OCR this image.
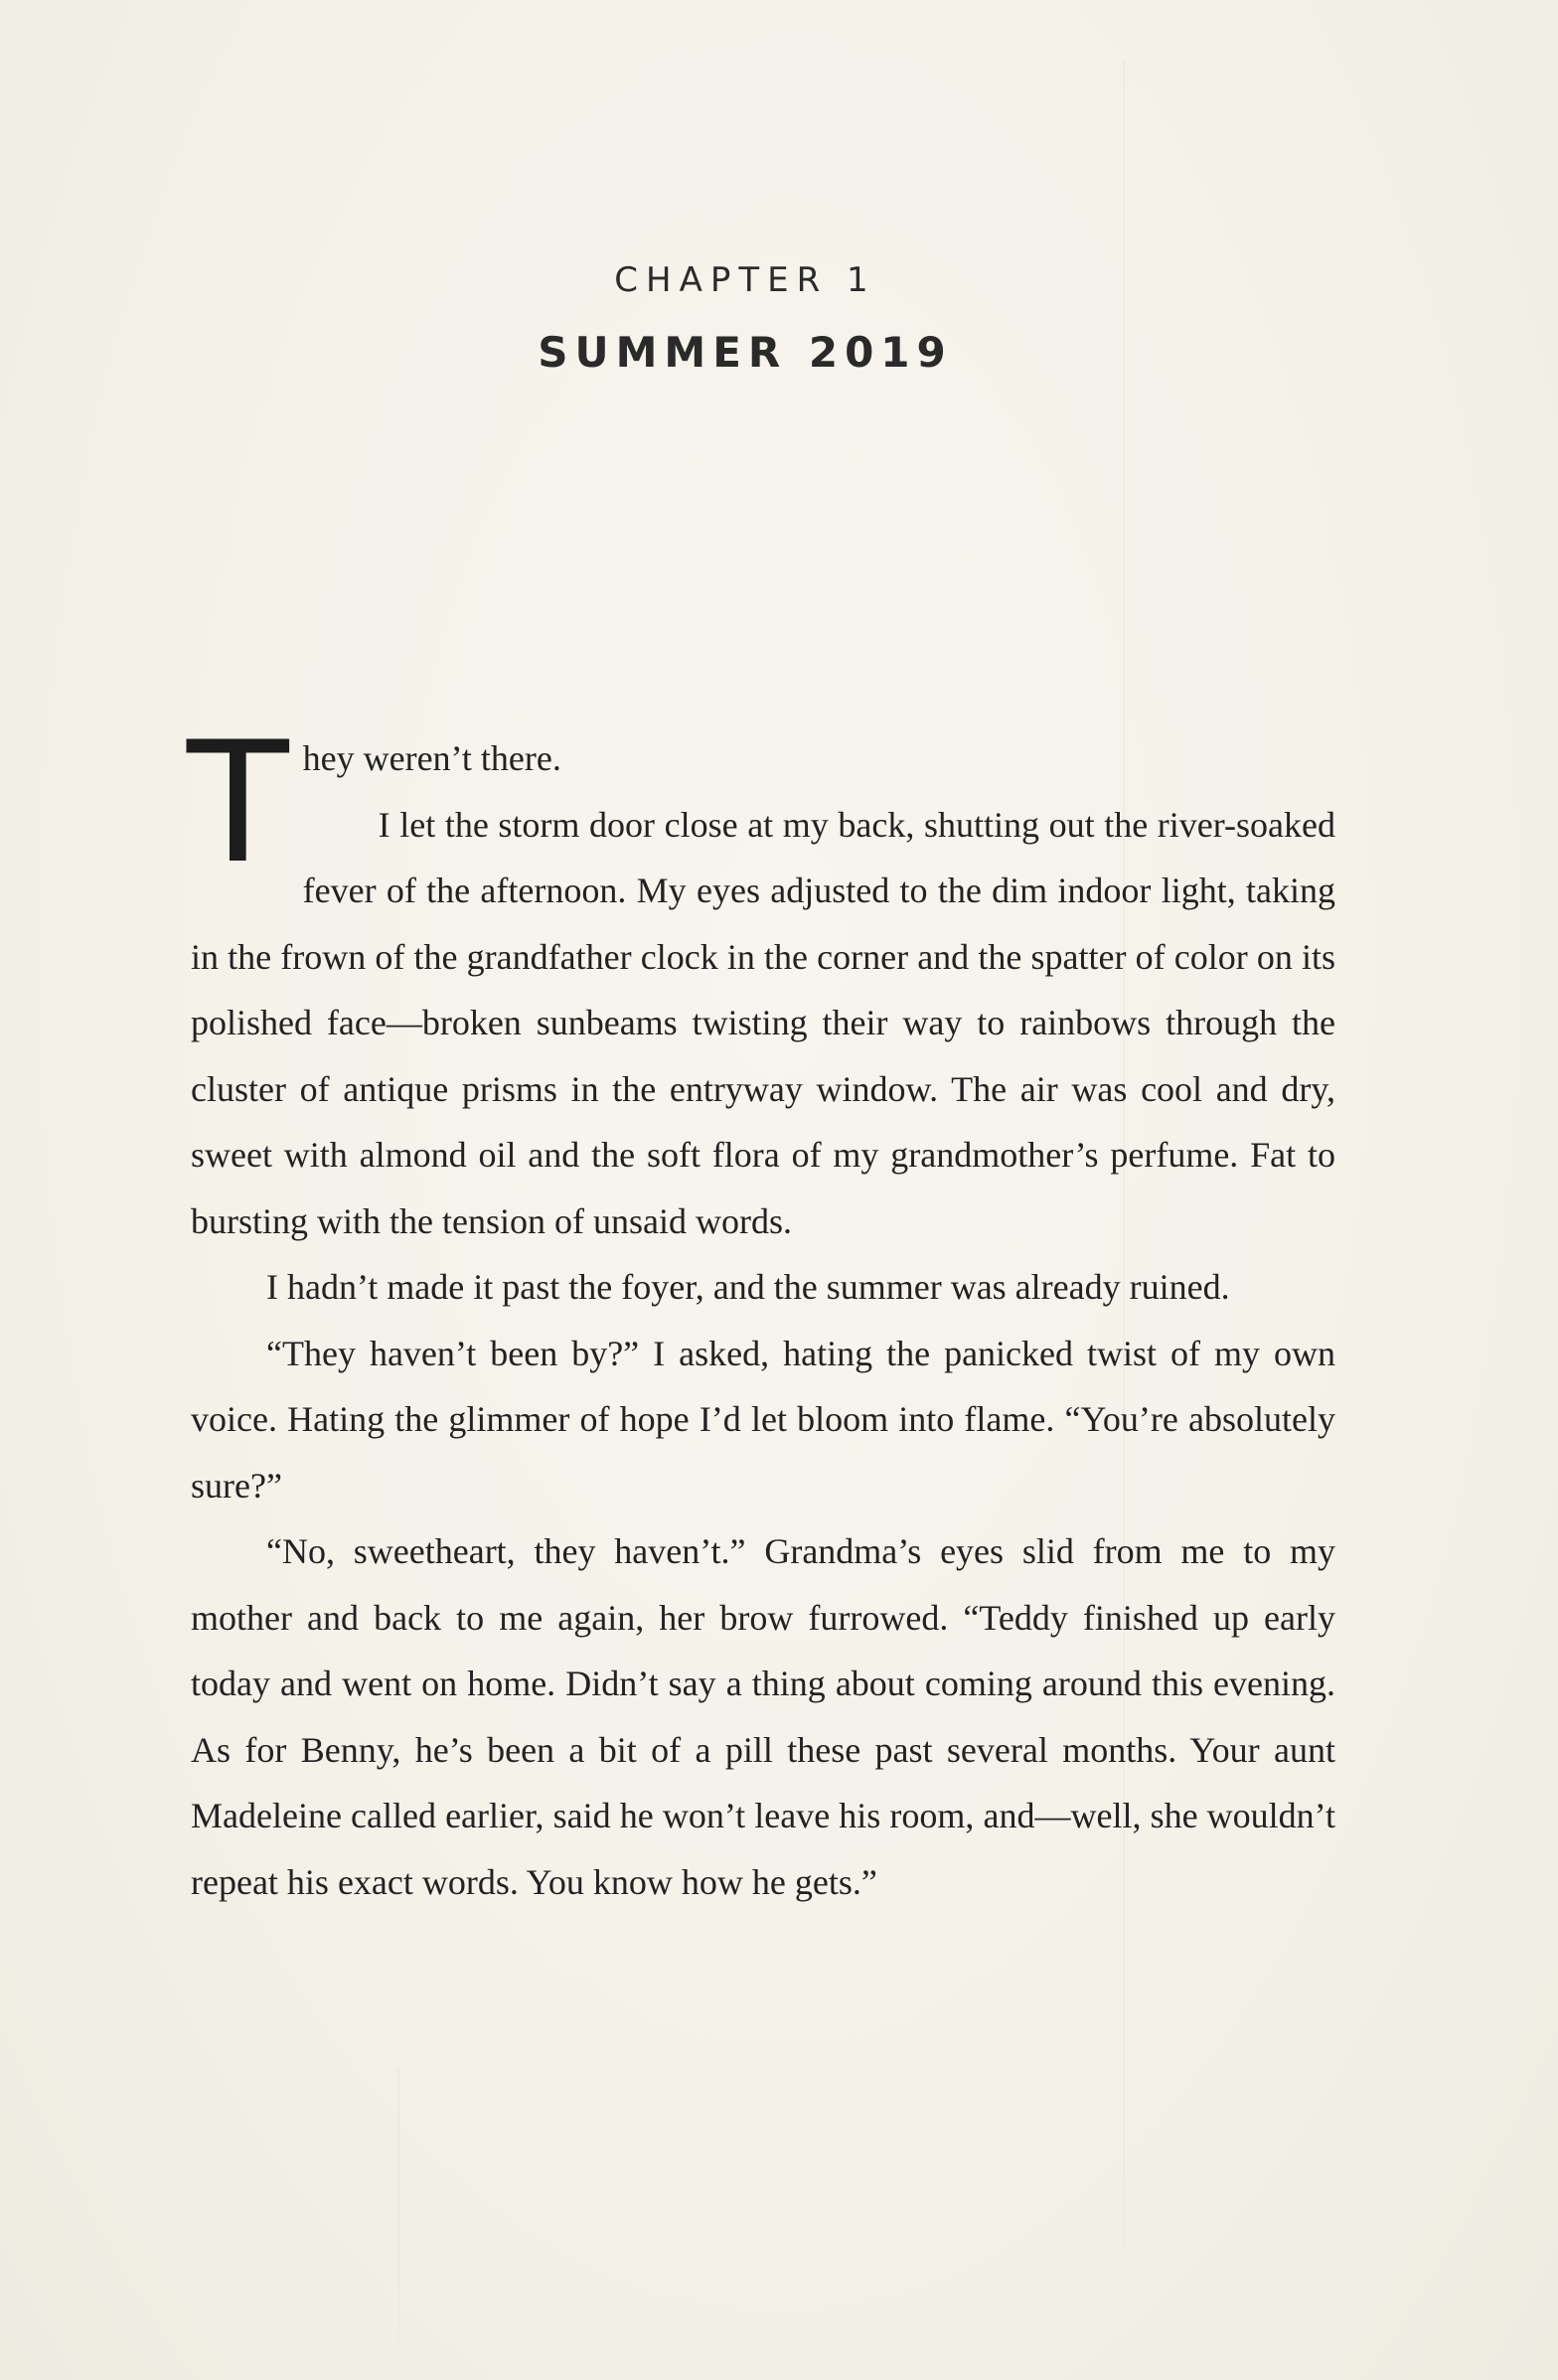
CHAPTER 1
SUMMER 2019

They weren’t there.

I let the storm door close at my back, shutting out the river-soaked fever of the afternoon. My eyes adjusted to the dim indoor light, taking in the frown of the grandfather clock in the corner and the spatter of color on its polished face—broken sunbeams twisting their way to rainbows through the cluster of antique prisms in the entryway window. The air was cool and dry, sweet with almond oil and the soft flora of my grandmother’s perfume. Fat to bursting with the tension of unsaid words.

I hadn’t made it past the foyer, and the summer was already ruined.

“They haven’t been by?” I asked, hating the panicked twist of my own voice. Hating the glimmer of hope I’d let bloom into flame. “You’re absolutely sure?”

“No, sweetheart, they haven’t.” Grandma’s eyes slid from me to my mother and back to me again, her brow furrowed. “Teddy finished up early today and went on home. Didn’t say a thing about coming around this evening. As for Benny, he’s been a bit of a pill these past several months. Your aunt Madeleine called earlier, said he won’t leave his room, and—well, she wouldn’t repeat his exact words. You know how he gets.”
